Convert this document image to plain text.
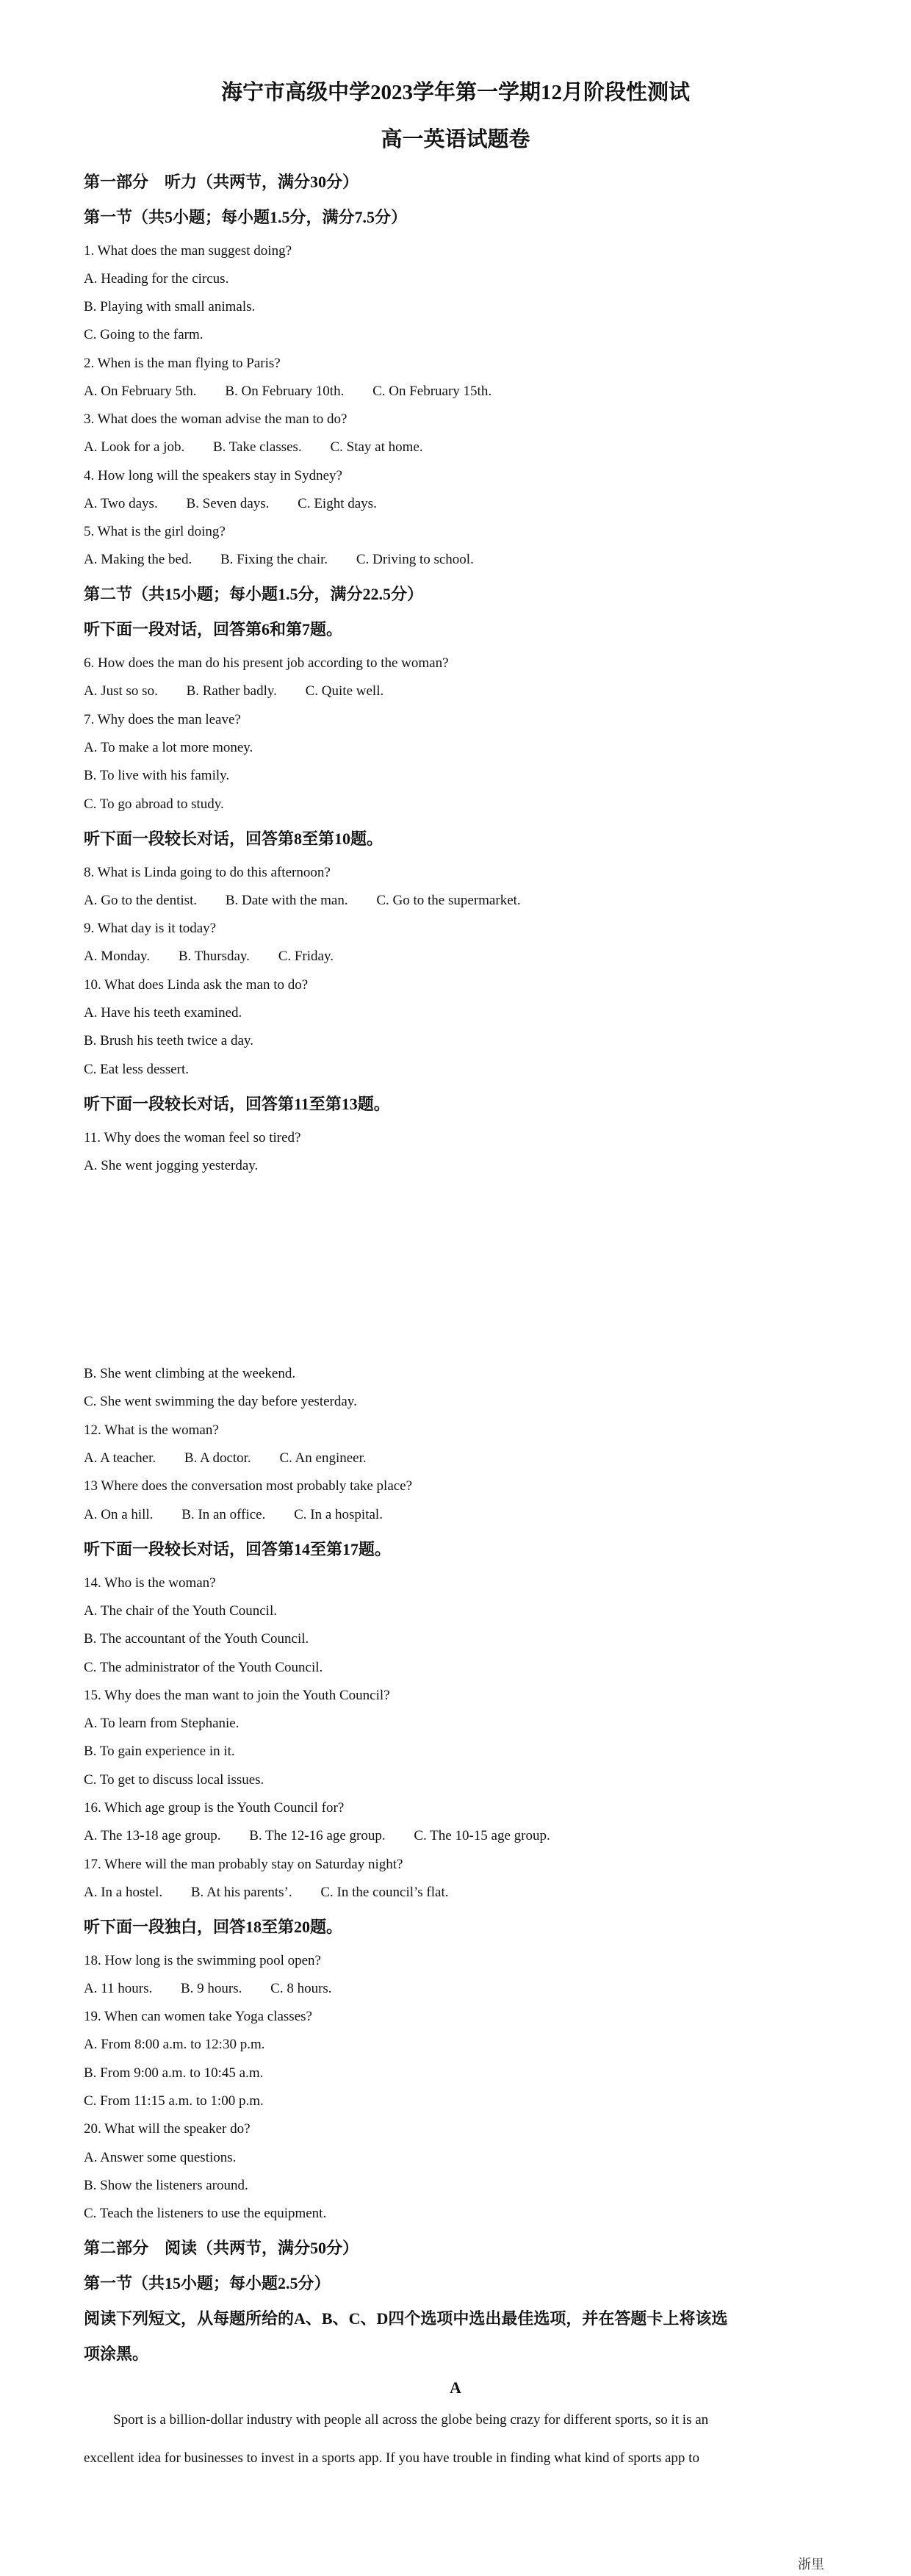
海宁市高级中学2023学年第一学期12月阶段性测试
高一英语试题卷
第一部分　听力（共两节，满分30分）
第一节（共5小题；每小题1.5分，满分7.5分）
1. What does the man suggest doing?
A. Heading for the circus.
B. Playing with small animals.
C. Going to the farm.
2. When is the man flying to Paris?
A. On February 5th. B. On February 10th. C. On February 15th.
3. What does the woman advise the man to do?
A. Look for a job. B. Take classes. C. Stay at home.
4. How long will the speakers stay in Sydney?
A. Two days. B. Seven days. C. Eight days.
5. What is the girl doing?
A. Making the bed. B. Fixing the chair. C. Driving to school.
第二节（共15小题；每小题1.5分，满分22.5分）
听下面一段对话，回答第6和第7题。
6. How does the man do his present job according to the woman?
A. Just so so. B. Rather badly. C. Quite well.
7. Why does the man leave?
A. To make a lot more money.
B. To live with his family.
C. To go abroad to study.
听下面一段较长对话，回答第8至第10题。
8. What is Linda going to do this afternoon?
A. Go to the dentist. B. Date with the man. C. Go to the supermarket.
9. What day is it today?
A. Monday. B. Thursday. C. Friday.
10. What does Linda ask the man to do?
A. Have his teeth examined.
B. Brush his teeth twice a day.
C. Eat less dessert.
听下面一段较长对话，回答第11至第13题。
11. Why does the woman feel so tired?
A. She went jogging yesterday.
B. She went climbing at the weekend.
C. She went swimming the day before yesterday.
12. What is the woman?
A. A teacher. B. A doctor. C. An engineer.
13 Where does the conversation most probably take place?
A. On a hill. B. In an office. C. In a hospital.
听下面一段较长对话，回答第14至第17题。
14. Who is the woman?
A. The chair of the Youth Council.
B. The accountant of the Youth Council.
C. The administrator of the Youth Council.
15. Why does the man want to join the Youth Council?
A. To learn from Stephanie.
B. To gain experience in it.
C. To get to discuss local issues.
16. Which age group is the Youth Council for?
A. The 13-18 age group. B. The 12-16 age group. C. The 10-15 age group.
17. Where will the man probably stay on Saturday night?
A. In a hostel. B. At his parents’. C. In the council’s flat.
听下面一段独白，回答18至第20题。
18. How long is the swimming pool open?
A. 11 hours. B. 9 hours. C. 8 hours.
19. When can women take Yoga classes?
A. From 8:00 a.m. to 12:30 p.m.
B. From 9:00 a.m. to 10:45 a.m.
C. From 11:15 a.m. to 1:00 p.m.
20. What will the speaker do?
A. Answer some questions.
B. Show the listeners around.
C. Teach the listeners to use the equipment.
第二部分　阅读（共两节，满分50分）
第一节（共15小题；每小题2.5分）
阅读下列短文，从每题所给的A、B、C、D四个选项中选出最佳选项，并在答题卡上将该选
项涂黑。
A
Sport is a billion-dollar industry with people all across the globe being crazy for different sports, so it is an
excellent idea for businesses to invest in a sports app. If you have trouble in finding what kind of sports app to
浙里
